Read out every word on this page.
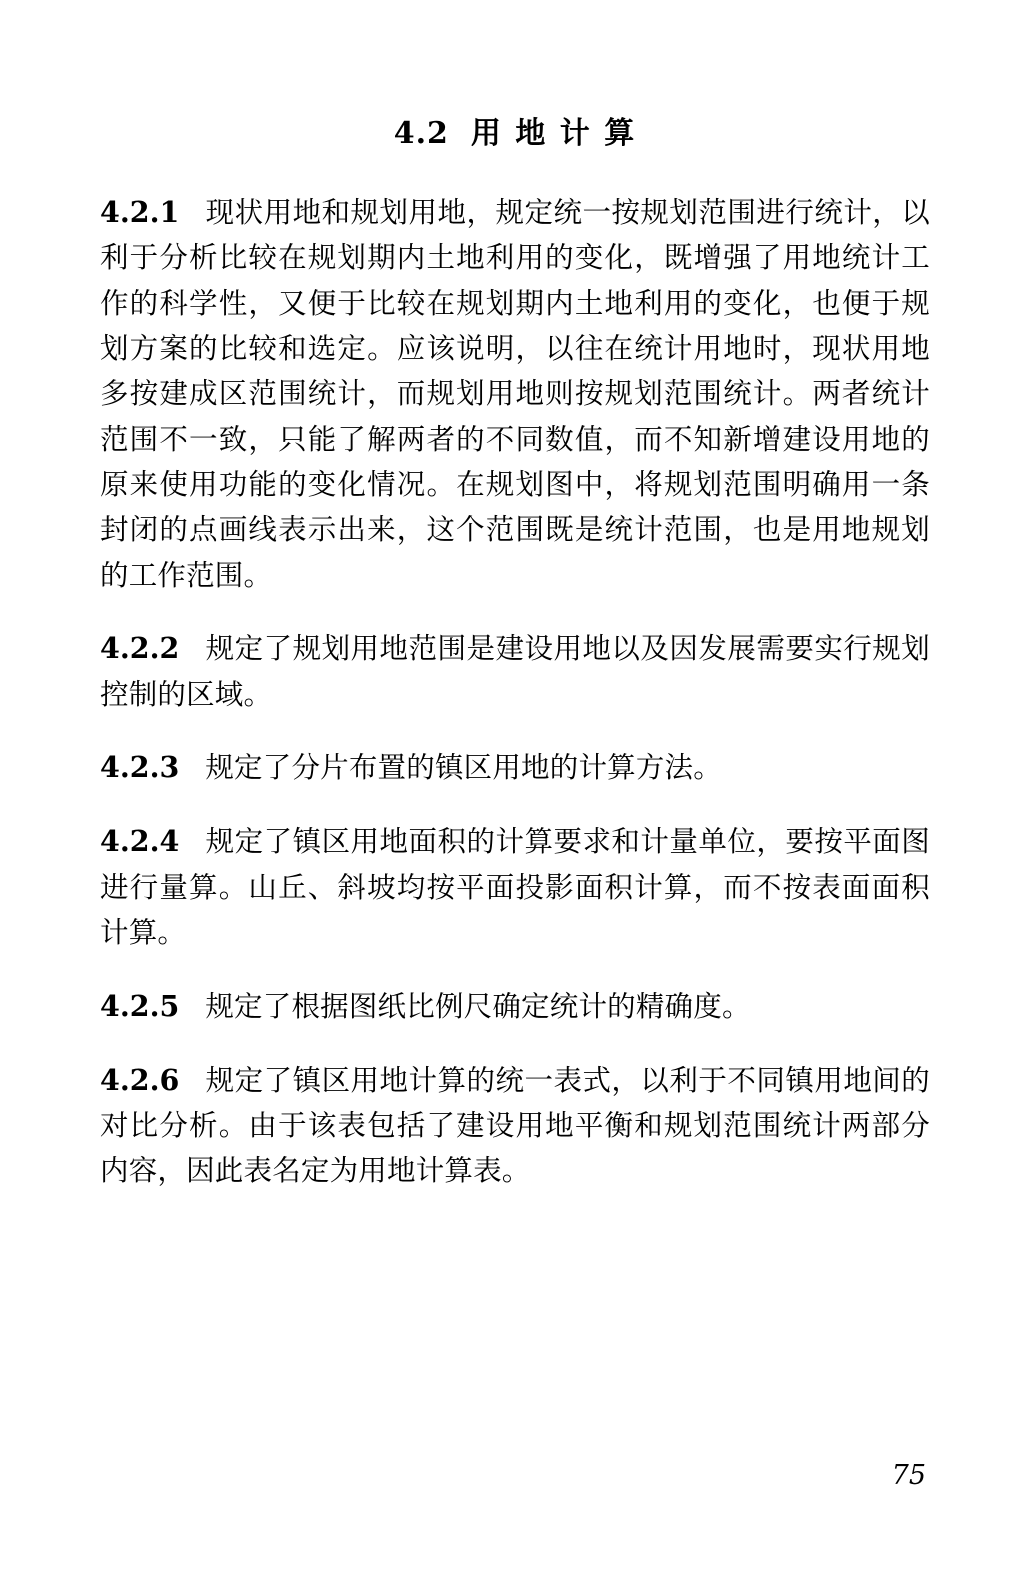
4.2 用 地 计 算

4.2.1 现状用地和规划用地，规定统一按规划范围进行统计，以利于分析比较在规划期内土地利用的变化，既增强了用地统计工作的科学性，又便于比较在规划期内土地利用的变化，也便于规划方案的比较和选定。应该说明，以往在统计用地时，现状用地多按建成区范围统计，而规划用地则按规划范围统计。两者统计范围不一致，只能了解两者的不同数值，而不知新增建设用地的原来使用功能的变化情况。在规划图中，将规划范围明确用一条封闭的点画线表示出来，这个范围既是统计范围，也是用地规划的工作范围。

4.2.2 规定了规划用地范围是建设用地以及因发展需要实行规划控制的区域。

4.2.3 规定了分片布置的镇区用地的计算方法。

4.2.4 规定了镇区用地面积的计算要求和计量单位，要按平面图进行量算。山丘、斜坡均按平面投影面积计算，而不按表面面积计算。

4.2.5 规定了根据图纸比例尺确定统计的精确度。

4.2.6 规定了镇区用地计算的统一表式，以利于不同镇用地间的对比分析。由于该表包括了建设用地平衡和规划范围统计两部分内容，因此表名定为用地计算表。

75
